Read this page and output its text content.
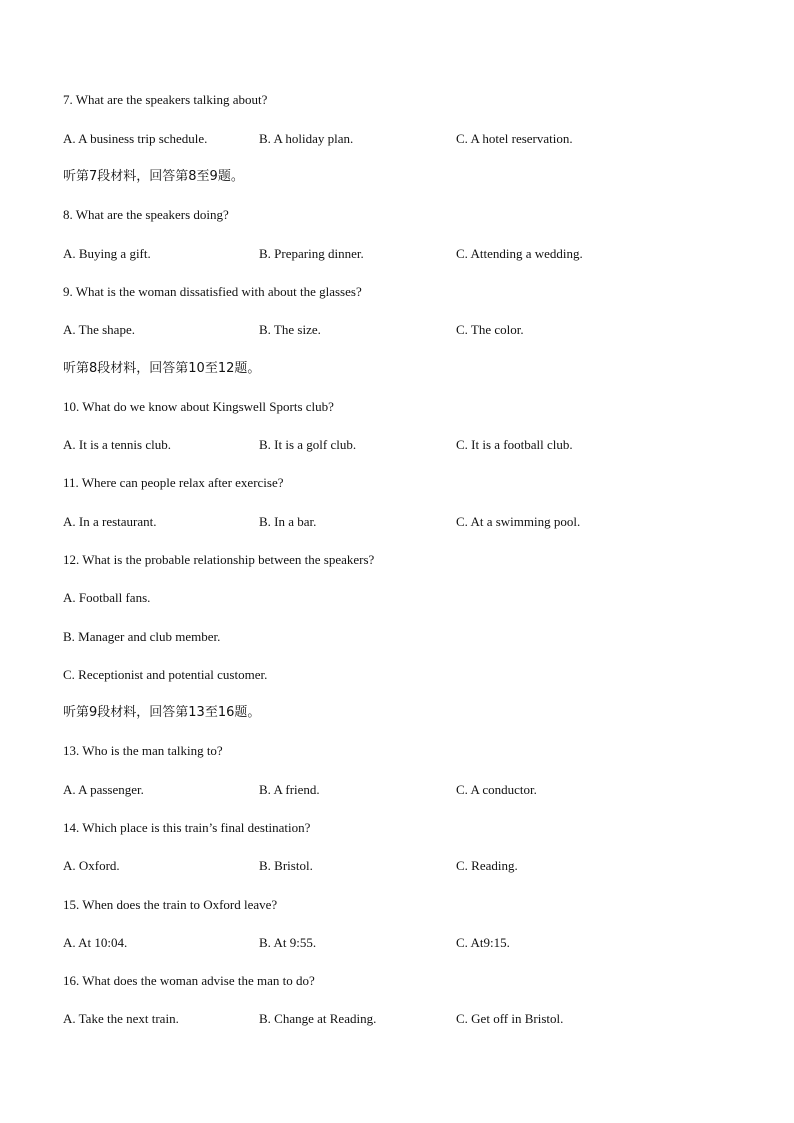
7. What are the speakers talking about?
A. A business trip schedule.	B. A holiday plan.	C. A hotel reservation.
听第7段材料，回答第8至9题。
8. What are the speakers doing?
A. Buying a gift.	B. Preparing dinner.	C. Attending a wedding.
9. What is the woman dissatisfied with about the glasses?
A. The shape.	B. The size.	C. The color.
听第8段材料，回答第10至12题。
10. What do we know about Kingswell Sports club?
A. It is a tennis club.	B. It is a golf club.	C. It is a football club.
11. Where can people relax after exercise?
A. In a restaurant.	B. In a bar.	C. At a swimming pool.
12. What is the probable relationship between the speakers?
A. Football fans.
B. Manager and club member.
C. Receptionist and potential customer.
听第9段材料，回答第13至16题。
13. Who is the man talking to?
A. A passenger.	B. A friend.	C. A conductor.
14. Which place is this train’s final destination?
A. Oxford.	B. Bristol.	C. Reading.
15. When does the train to Oxford leave?
A. At 10:04.	B. At 9:55.	C. At9:15.
16. What does the woman advise the man to do?
A. Take the next train.	B. Change at Reading.	C. Get off in Bristol.
